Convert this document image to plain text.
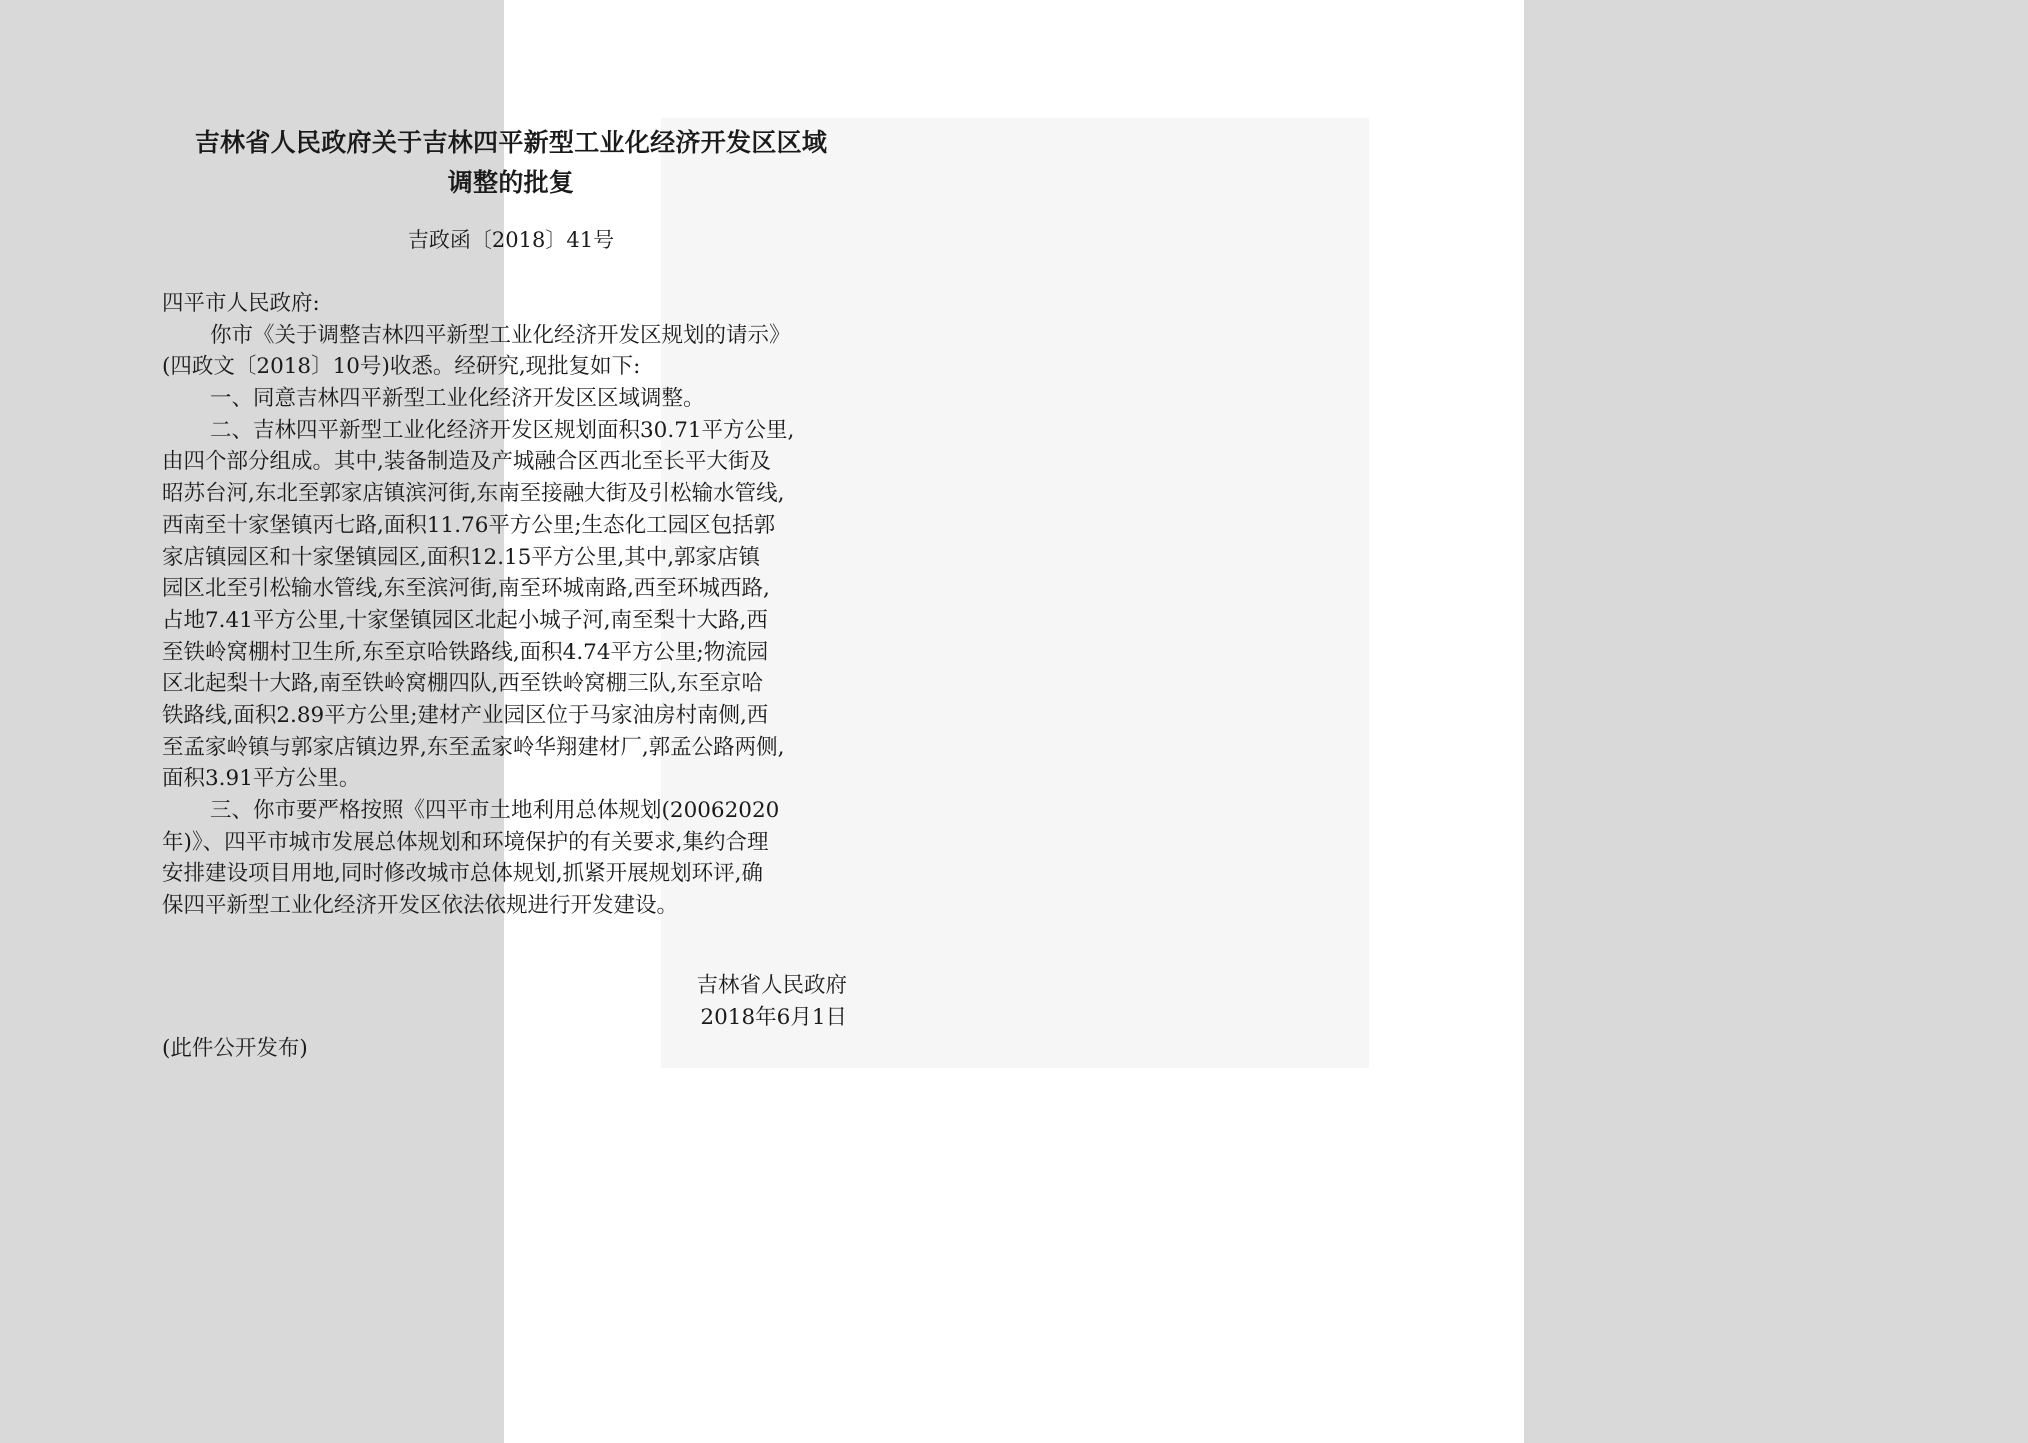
吉林省人民政府关于吉林四平新型工业化经济开发区区域
调整的批复
吉政函〔2018〕41号
四平市人民政府:
你市《关于调整吉林四平新型工业化经济开发区规划的请示》
(四政文〔2018〕10号)收悉。经研究,现批复如下:
一、同意吉林四平新型工业化经济开发区区域调整。
二、吉林四平新型工业化经济开发区规划面积30.71平方公里,
由四个部分组成。其中,装备制造及产城融合区西北至长平大街及
昭苏台河,东北至郭家店镇滨河街,东南至接融大街及引松输水管线,
西南至十家堡镇丙七路,面积11.76平方公里;生态化工园区包括郭
家店镇园区和十家堡镇园区,面积12.15平方公里,其中,郭家店镇
园区北至引松输水管线,东至滨河街,南至环城南路,西至环城西路,
占地7.41平方公里,十家堡镇园区北起小城子河,南至梨十大路,西
至铁岭窝棚村卫生所,东至京哈铁路线,面积4.74平方公里;物流园
区北起梨十大路,南至铁岭窝棚四队,西至铁岭窝棚三队,东至京哈
铁路线,面积2.89平方公里;建材产业园区位于马家油房村南侧,西
至孟家岭镇与郭家店镇边界,东至孟家岭华翔建材厂,郭孟公路两侧,
面积3.91平方公里。
三、你市要严格按照《四平市土地利用总体规划(20062020
年)》、四平市城市发展总体规划和环境保护的有关要求,集约合理
安排建设项目用地,同时修改城市总体规划,抓紧开展规划环评,确
保四平新型工业化经济开发区依法依规进行开发建设。
吉林省人民政府
2018年6月1日
(此件公开发布)
